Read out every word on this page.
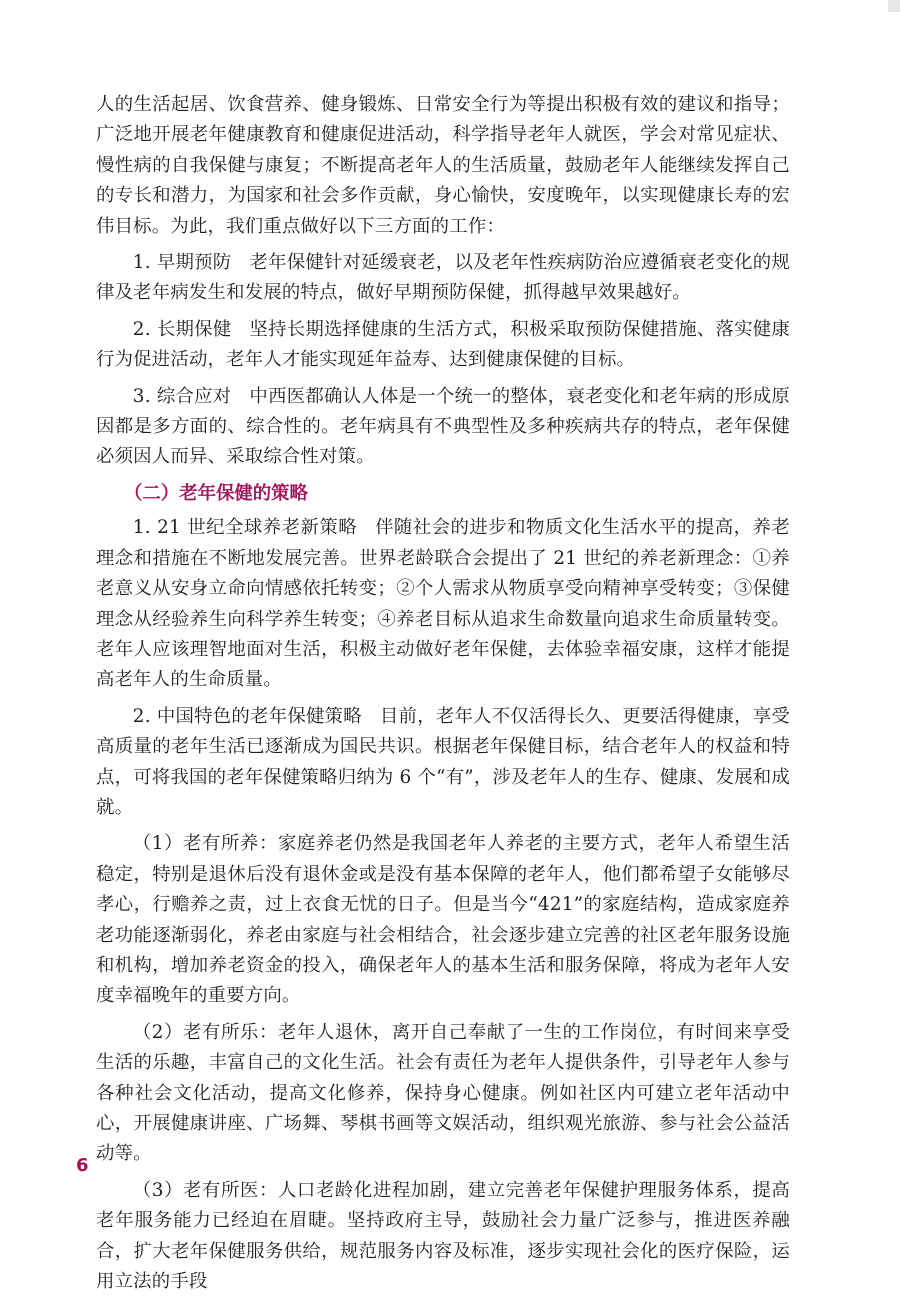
人的生活起居、饮食营养、健身锻炼、日常安全行为等提出积极有效的建议和指导；广泛地开展老年健康教育和健康促进活动，科学指导老年人就医，学会对常见症状、慢性病的自我保健与康复；不断提高老年人的生活质量，鼓励老年人能继续发挥自己的专长和潜力，为国家和社会多作贡献，身心愉快，安度晚年，以实现健康长寿的宏伟目标。为此，我们重点做好以下三方面的工作：

1. 早期预防 老年保健针对延缓衰老，以及老年性疾病防治应遵循衰老变化的规律及老年病发生和发展的特点，做好早期预防保健，抓得越早效果越好。

2. 长期保健 坚持长期选择健康的生活方式，积极采取预防保健措施、落实健康行为促进活动，老年人才能实现延年益寿、达到健康保健的目标。

3. 综合应对 中西医都确认人体是一个统一的整体，衰老变化和老年病的形成原因都是多方面的、综合性的。老年病具有不典型性及多种疾病共存的特点，老年保健必须因人而异、采取综合性对策。

（二）老年保健的策略

1. 21 世纪全球养老新策略 伴随社会的进步和物质文化生活水平的提高，养老理念和措施在不断地发展完善。世界老龄联合会提出了 21 世纪的养老新理念：①养老意义从安身立命向情感依托转变；②个人需求从物质享受向精神享受转变；③保健理念从经验养生向科学养生转变；④养老目标从追求生命数量向追求生命质量转变。老年人应该理智地面对生活，积极主动做好老年保健，去体验幸福安康，这样才能提高老年人的生命质量。

2. 中国特色的老年保健策略 目前，老年人不仅活得长久、更要活得健康，享受高质量的老年生活已逐渐成为国民共识。根据老年保健目标，结合老年人的权益和特点，可将我国的老年保健策略归纳为 6 个“有”，涉及老年人的生存、健康、发展和成就。

（1）老有所养：家庭养老仍然是我国老年人养老的主要方式，老年人希望生活稳定，特别是退休后没有退休金或是没有基本保障的老年人，他们都希望子女能够尽孝心，行赡养之责，过上衣食无忧的日子。但是当今“421”的家庭结构，造成家庭养老功能逐渐弱化，养老由家庭与社会相结合，社会逐步建立完善的社区老年服务设施和机构，增加养老资金的投入，确保老年人的基本生活和服务保障，将成为老年人安度幸福晚年的重要方向。

（2）老有所乐：老年人退休，离开自己奉献了一生的工作岗位，有时间来享受生活的乐趣，丰富自己的文化生活。社会有责任为老年人提供条件，引导老年人参与各种社会文化活动，提高文化修养，保持身心健康。例如社区内可建立老年活动中心，开展健康讲座、广场舞、琴棋书画等文娱活动，组织观光旅游、参与社会公益活动等。

（3）老有所医：人口老龄化进程加剧，建立完善老年保健护理服务体系，提高老年服务能力已经迫在眉睫。坚持政府主导，鼓励社会力量广泛参与，推进医养融合，扩大老年保健服务供给，规范服务内容及标准，逐步实现社会化的医疗保险，运用立法的手段

6
